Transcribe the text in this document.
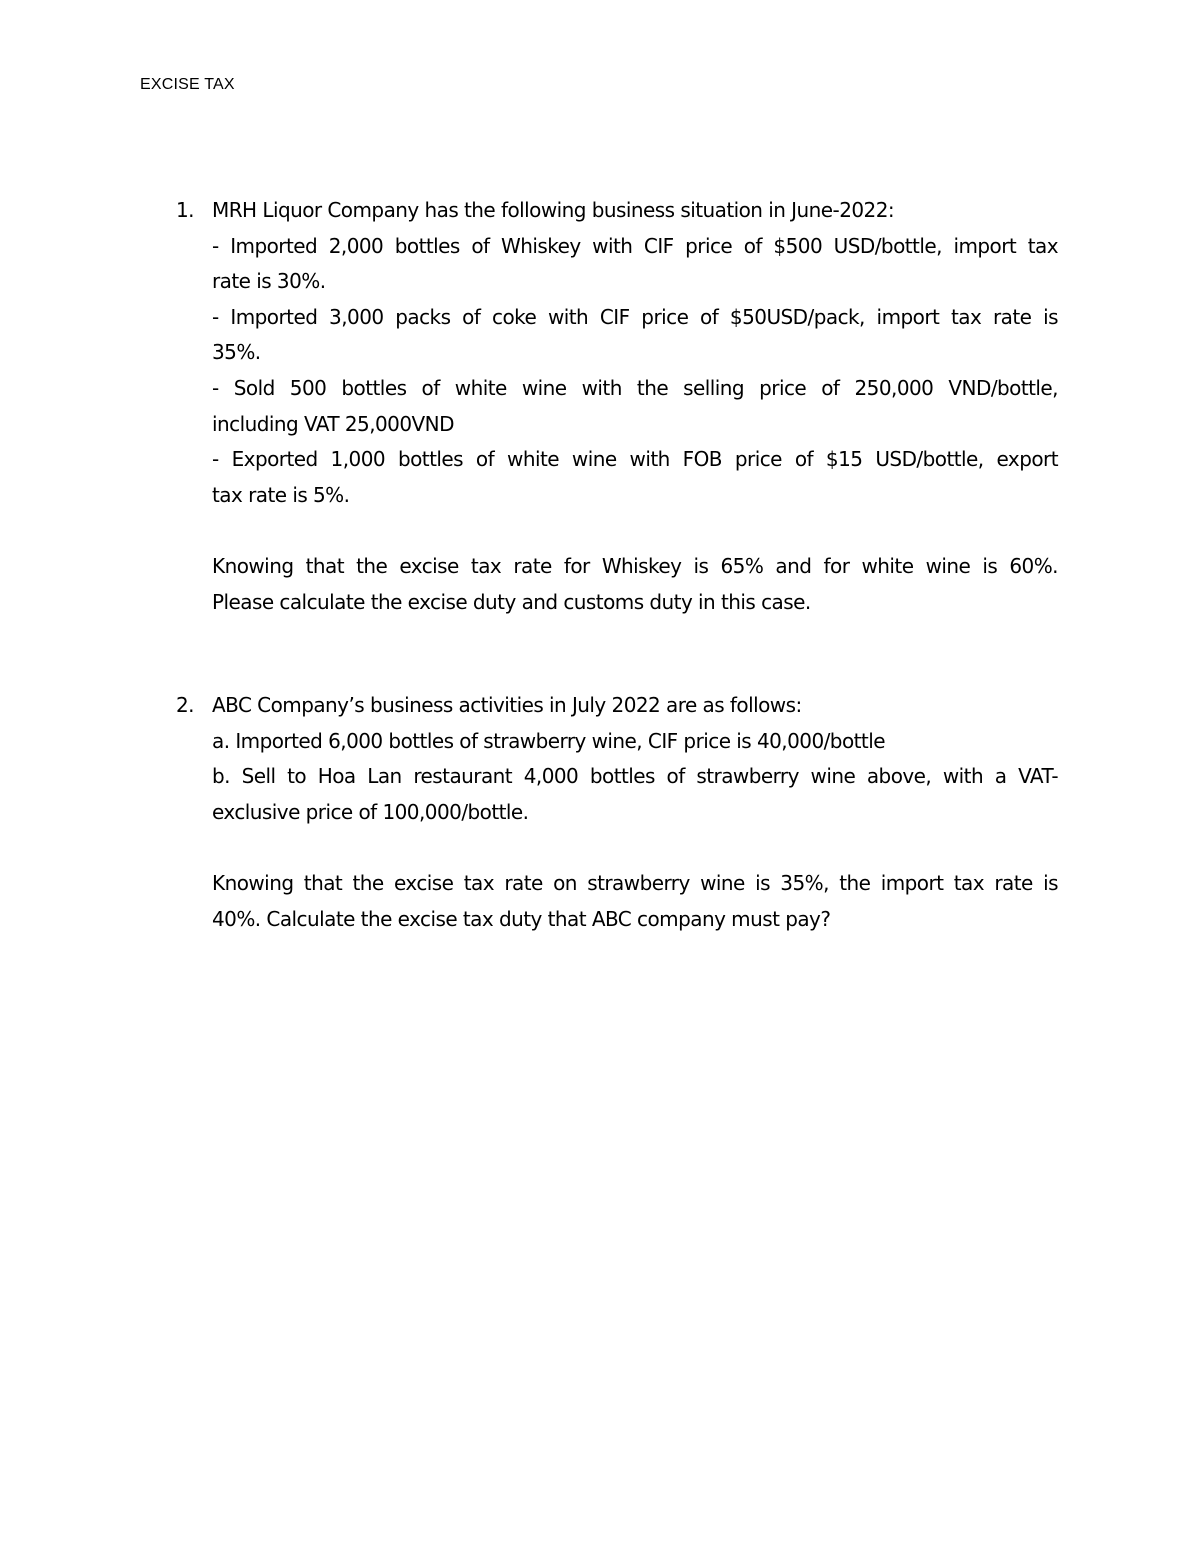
EXCISE TAX
1. MRH Liquor Company has the following business situation in June-2022:

- Imported 2,000 bottles of Whiskey with CIF price of $500 USD/bottle, import tax

rate is 30%.

- Imported 3,000 packs of coke with CIF price of $50USD/pack, import tax rate is

35%.

- Sold 500 bottles of white wine with the selling price of 250,000 VND/bottle,

including VAT 25,000VND

- Exported 1,000 bottles of white wine with FOB price of $15 USD/bottle, export

tax rate is 5%.

Knowing that the excise tax rate for Whiskey is 65% and for white wine is 60%.

Please calculate the excise duty and customs duty in this case.

2. ABC Company’s business activities in July 2022 are as follows:

a. Imported 6,000 bottles of strawberry wine, CIF price is 40,000/bottle

b. Sell to Hoa Lan restaurant 4,000 bottles of strawberry wine above, with a VAT-

exclusive price of 100,000/bottle.

Knowing that the excise tax rate on strawberry wine is 35%, the import tax rate is

40%. Calculate the excise tax duty that ABC company must pay?
